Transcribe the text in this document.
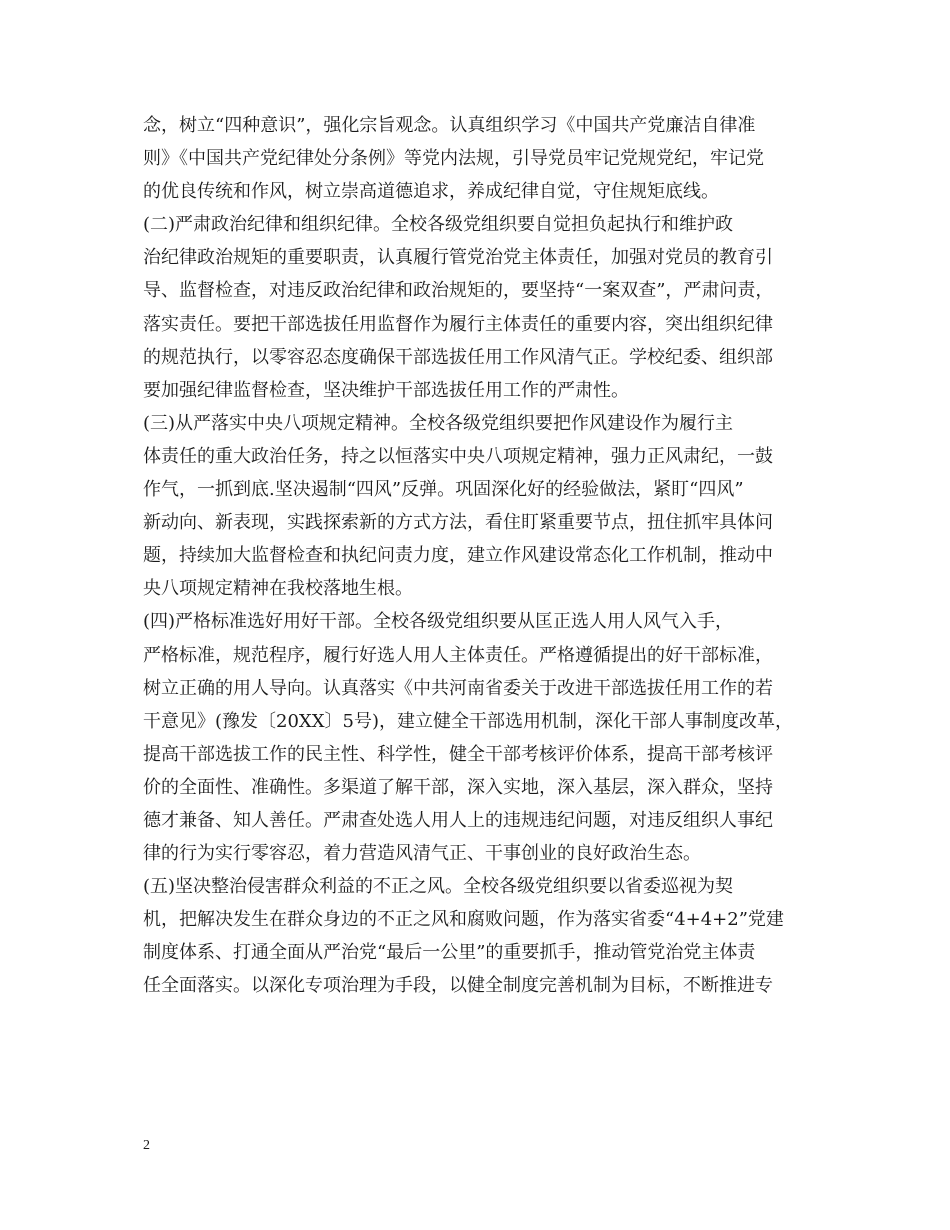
念，树立“四种意识”，强化宗旨观念。认真组织学习《中国共产党廉洁自律准
则》《中国共产党纪律处分条例》等党内法规，引导党员牢记党规党纪，牢记党
的优良传统和作风，树立崇高道德追求，养成纪律自觉，守住规矩底线。

(二)严肃政治纪律和组织纪律。全校各级党组织要自觉担负起执行和维护政
治纪律政治规矩的重要职责，认真履行管党治党主体责任，加强对党员的教育引
导、监督检查，对违反政治纪律和政治规矩的，要坚持“一案双查”，严肃问责，
落实责任。要把干部选拔任用监督作为履行主体责任的重要内容，突出组织纪律
的规范执行，以零容忍态度确保干部选拔任用工作风清气正。学校纪委、组织部
要加强纪律监督检查，坚决维护干部选拔任用工作的严肃性。

(三)从严落实中央八项规定精神。全校各级党组织要把作风建设作为履行主
体责任的重大政治任务，持之以恒落实中央八项规定精神，强力正风肃纪，一鼓
作气，一抓到底.坚决遏制“四风”反弹。巩固深化好的经验做法，紧盯“四风”
新动向、新表现，实践探索新的方式方法，看住盯紧重要节点，扭住抓牢具体问
题，持续加大监督检查和执纪问责力度，建立作风建设常态化工作机制，推动中
央八项规定精神在我校落地生根。

(四)严格标准选好用好干部。全校各级党组织要从匡正选人用人风气入手，
严格标准，规范程序，履行好选人用人主体责任。严格遵循提出的好干部标准，
树立正确的用人导向。认真落实《中共河南省委关于改进干部选拔任用工作的若
干意见》(豫发〔20XX〕5号)，建立健全干部选用机制，深化干部人事制度改革，
提高干部选拔工作的民主性、科学性，健全干部考核评价体系，提高干部考核评
价的全面性、准确性。多渠道了解干部，深入实地，深入基层，深入群众，坚持
德才兼备、知人善任。严肃查处选人用人上的违规违纪问题，对违反组织人事纪
律的行为实行零容忍，着力营造风清气正、干事创业的良好政治生态。

(五)坚决整治侵害群众利益的不正之风。全校各级党组织要以省委巡视为契
机，把解决发生在群众身边的不正之风和腐败问题，作为落实省委“4+4+2”党建
制度体系、打通全面从严治党“最后一公里”的重要抓手，推动管党治党主体责
任全面落实。以深化专项治理为手段，以健全制度完善机制为目标，不断推进专

2
